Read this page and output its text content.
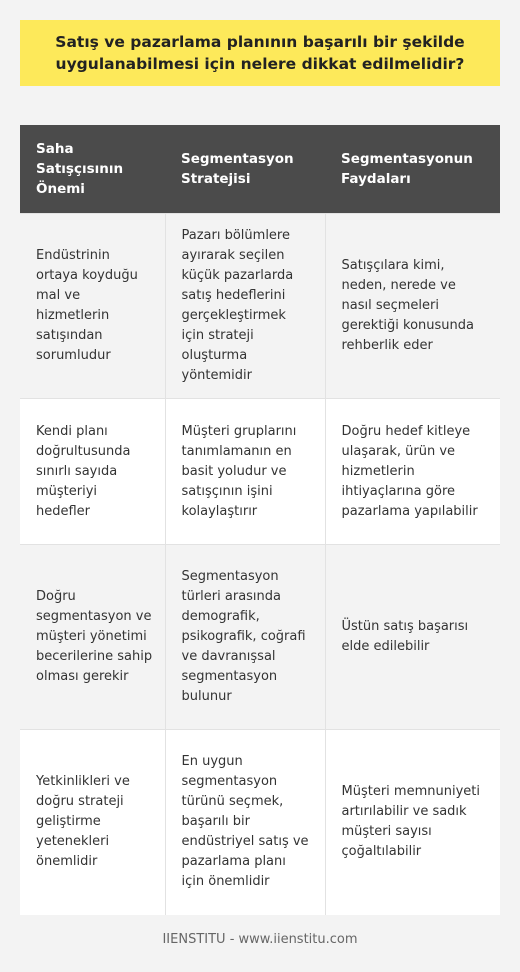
Satış ve pazarlama planının başarılı bir şekilde uygulanabilmesi için nelere dikkat edilmelidir?
Saha Satışçısının Önemi	Segmentasyon Stratejisi	Segmentasyonun Faydaları

Endüstrinin ortaya koyduğu mal ve hizmetlerin satışından sorumludur	Pazarı bölümlere ayırarak seçilen küçük pazarlarda satış hedeflerini gerçekleştirmek için strateji oluşturma yöntemidir	Satışçılara kimi, neden, nerede ve nasıl seçmeleri gerektiği konusunda rehberlik eder

Kendi planı doğrultusunda sınırlı sayıda müşteriyi hedefler	Müşteri gruplarını tanımlamanın en basit yoludur ve satışçının işini kolaylaştırır	Doğru hedef kitleye ulaşarak, ürün ve hizmetlerin ihtiyaçlarına göre pazarlama yapılabilir

Doğru segmentasyon ve müşteri yönetimi becerilerine sahip olması gerekir	Segmentasyon türleri arasında demografik, psikografik, coğrafi ve davranışsal segmentasyon bulunur	Üstün satış başarısı elde edilebilir

Yetkinlikleri ve doğru strateji geliştirme yetenekleri önemlidir	En uygun segmentasyon türünü seçmek, başarılı bir endüstriyel satış ve pazarlama planı için önemlidir	Müşteri memnuniyeti artırılabilir ve sadık müşteri sayısı çoğaltılabilir
IIENSTITU - www.iienstitu.com
